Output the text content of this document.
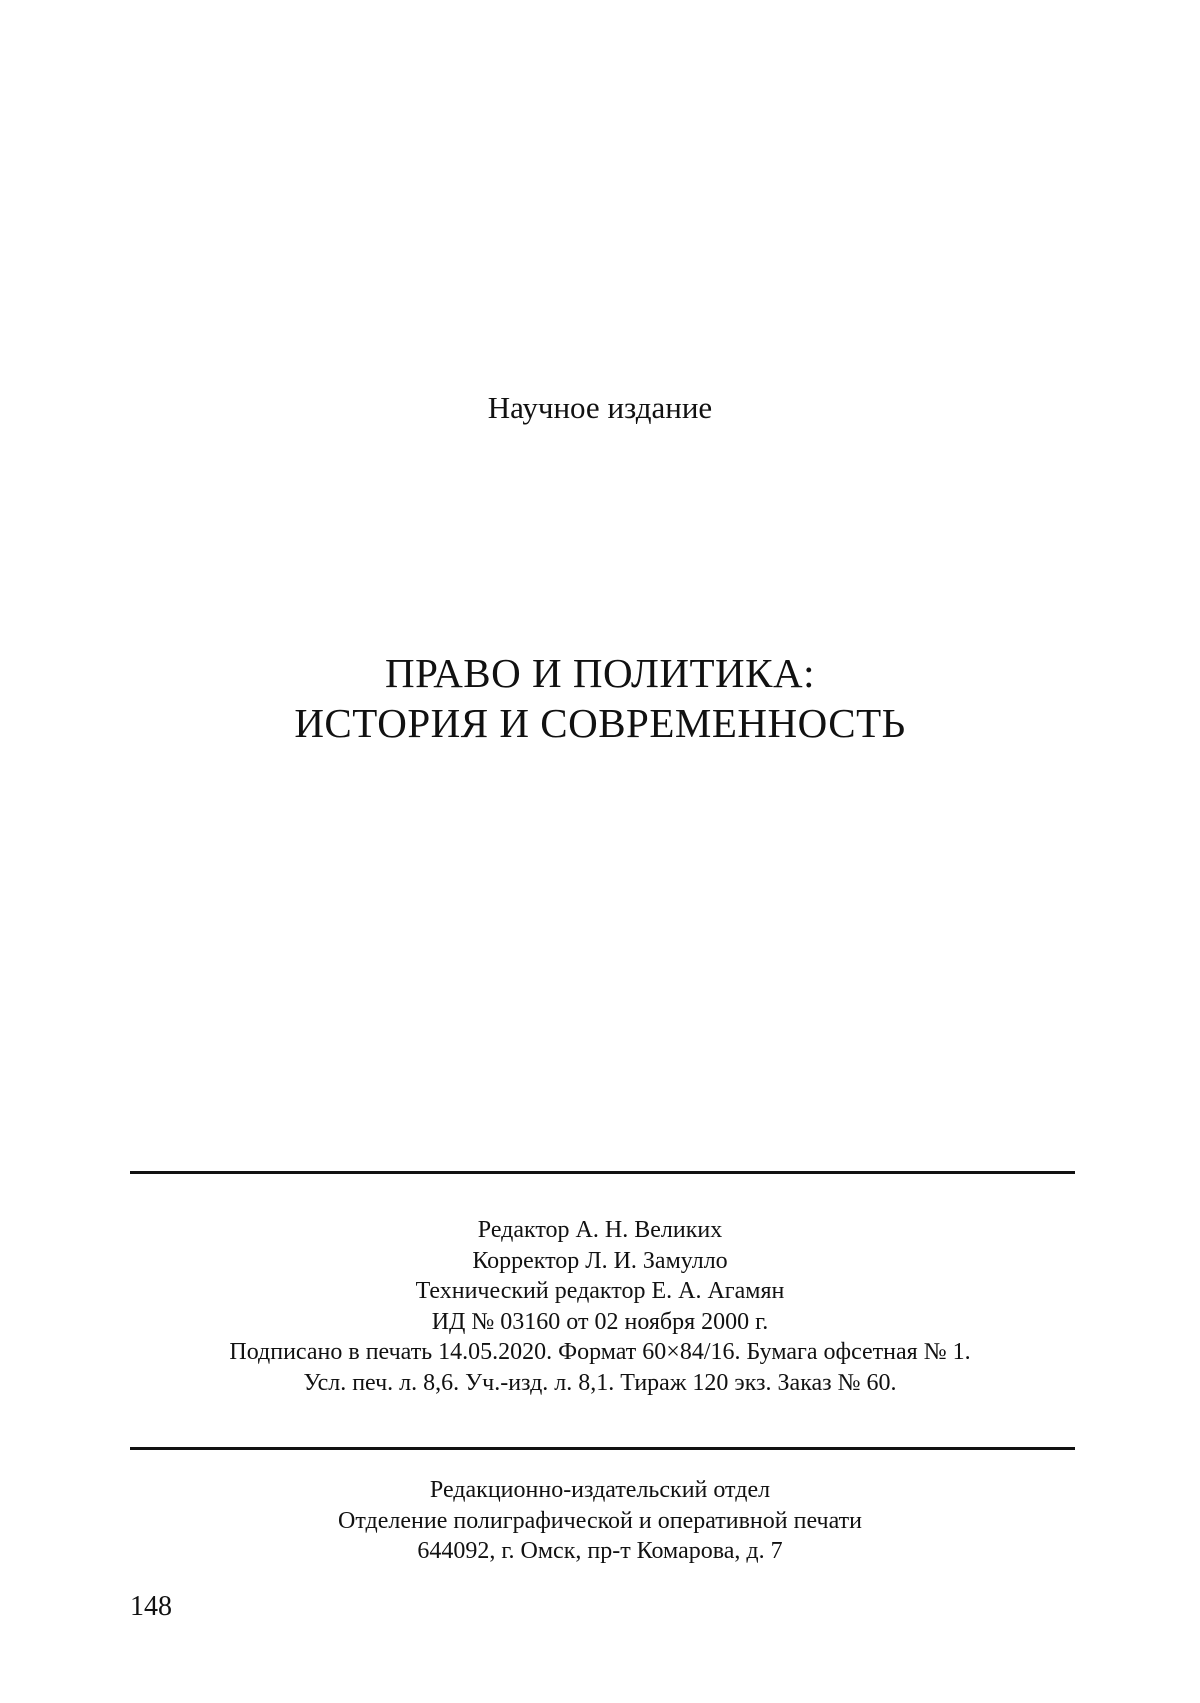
Научное издание
ПРАВО И ПОЛИТИКА:
ИСТОРИЯ И СОВРЕМЕННОСТЬ
Редактор А. Н. Великих
Корректор Л. И. Замулло
Технический редактор Е. А. Агамян
ИД № 03160 от 02 ноября 2000 г.
Подписано в печать 14.05.2020. Формат 60×84/16. Бумага офсетная № 1.
Усл. печ. л. 8,6. Уч.-изд. л. 8,1. Тираж 120 экз. Заказ № 60.
Редакционно-издательский отдел
Отделение полиграфической и оперативной печати
644092, г. Омск, пр-т Комарова, д. 7
148
